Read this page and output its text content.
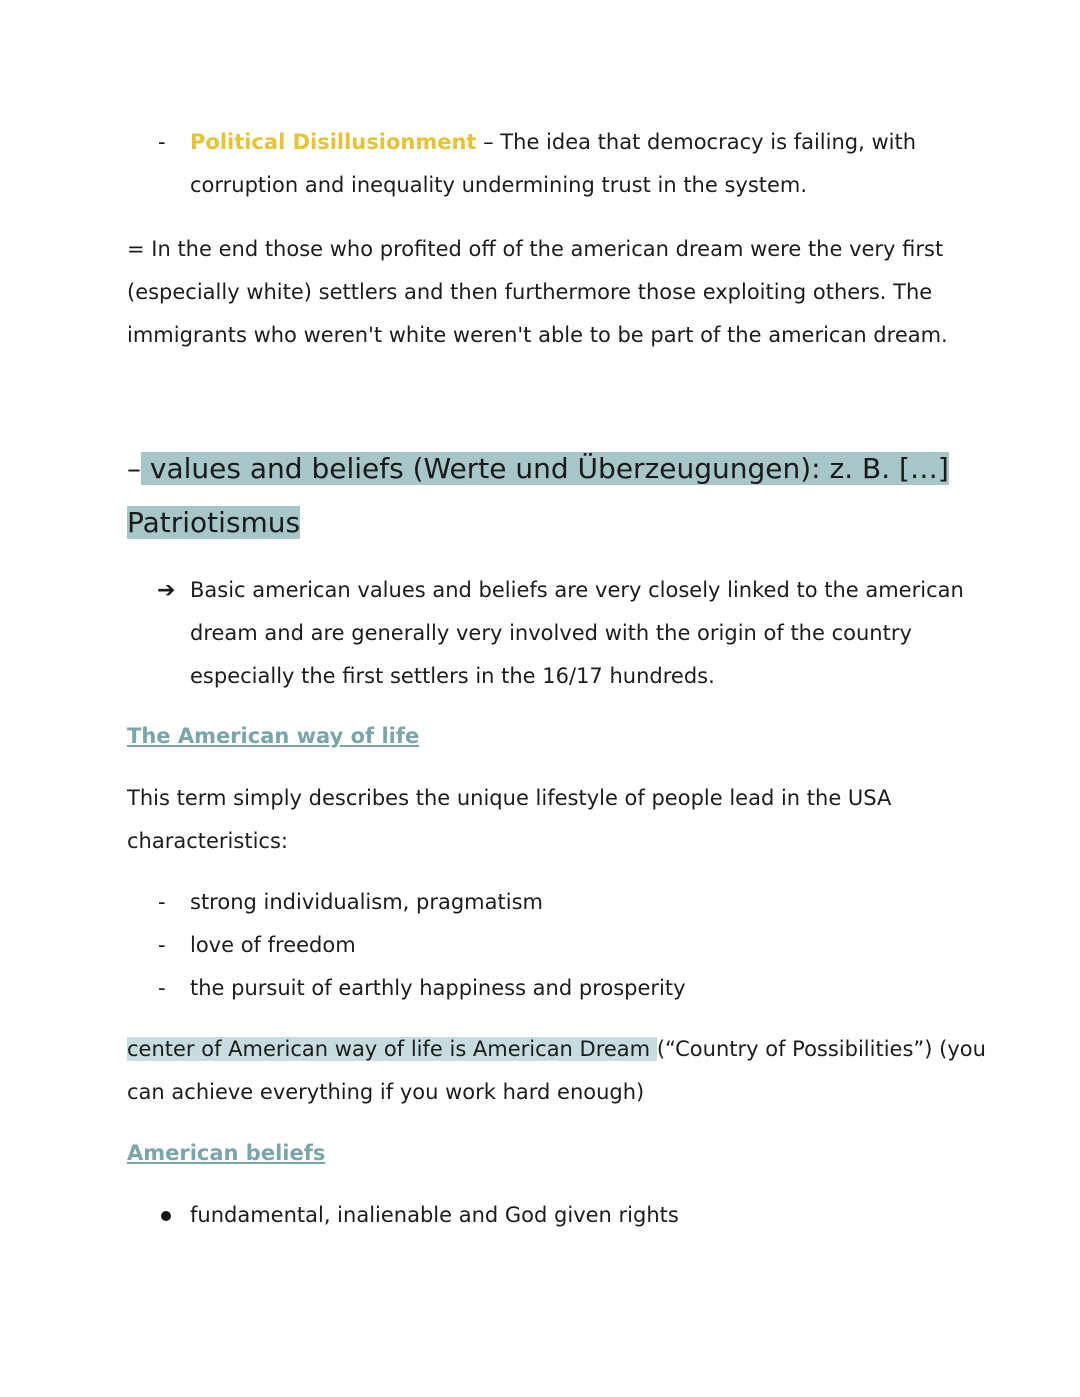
- Political Disillusionment – The idea that democracy is failing, with
corruption and inequality undermining trust in the system.
= In the end those who profited off of the american dream were the very first
(especially white) settlers and then furthermore those exploiting others. The
immigrants who weren't white weren't able to be part of the american dream.
– values and beliefs (Werte und Überzeugungen): z. B. […]
Patriotismus
➔ Basic american values and beliefs are very closely linked to the american
dream and are generally very involved with the origin of the country
especially the first settlers in the 16/17 hundreds.
The American way of life
This term simply describes the unique lifestyle of people lead in the USA
characteristics:
- strong individualism, pragmatism
- love of freedom
- the pursuit of earthly happiness and prosperity
center of American way of life is American Dream (“Country of Possibilities”) (you
can achieve everything if you work hard enough)
American beliefs
fundamental, inalienable and God given rights
